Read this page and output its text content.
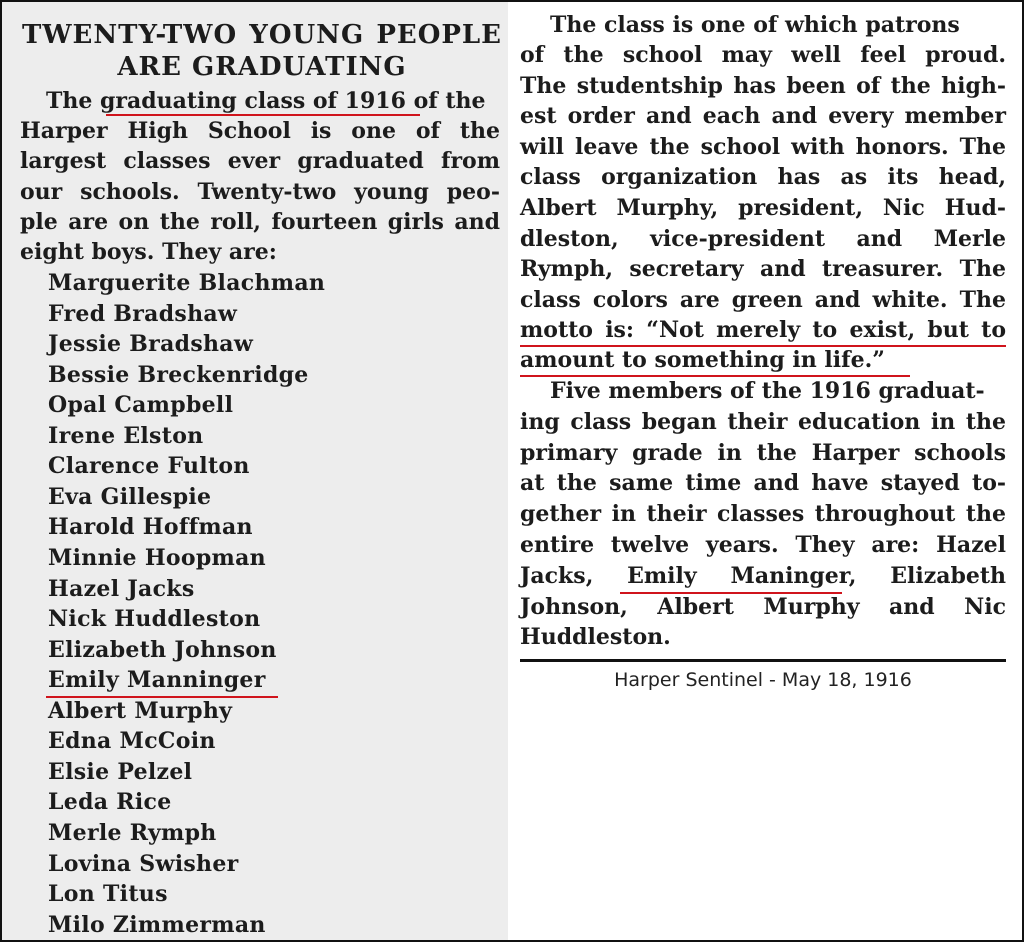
TWENTY-TWO YOUNG PEOPLE
ARE GRADUATING
The graduating class of 1916 of the
Harper High School is one of the
largest classes ever graduated from
our schools. Twenty-two young peo-
ple are on the roll, fourteen girls and
eight boys. They are:
Marguerite Blachman
Fred Bradshaw
Jessie Bradshaw
Bessie Breckenridge
Opal Campbell
Irene Elston
Clarence Fulton
Eva Gillespie
Harold Hoffman
Minnie Hoopman
Hazel Jacks
Nick Huddleston
Elizabeth Johnson
Emily Manninger
Albert Murphy
Edna McCoin
Elsie Pelzel
Leda Rice
Merle Rymph
Lovina Swisher
Lon Titus
Milo Zimmerman
The class is one of which patrons
of the school may well feel proud.
The studentship has been of the high-
est order and each and every member
will leave the school with honors. The
class organization has as its head,
Albert Murphy, president, Nic Hud-
dleston, vice-president and Merle
Rymph, secretary and treasurer. The
class colors are green and white. The
motto is: “Not merely to exist, but to
amount to something in life.”
Five members of the 1916 graduat-
ing class began their education in the
primary grade in the Harper schools
at the same time and have stayed to-
gether in their classes throughout the
entire twelve years. They are: Hazel
Jacks, Emily Maninger, Elizabeth
Johnson, Albert Murphy and Nic
Huddleston.
Harper Sentinel - May 18, 1916
